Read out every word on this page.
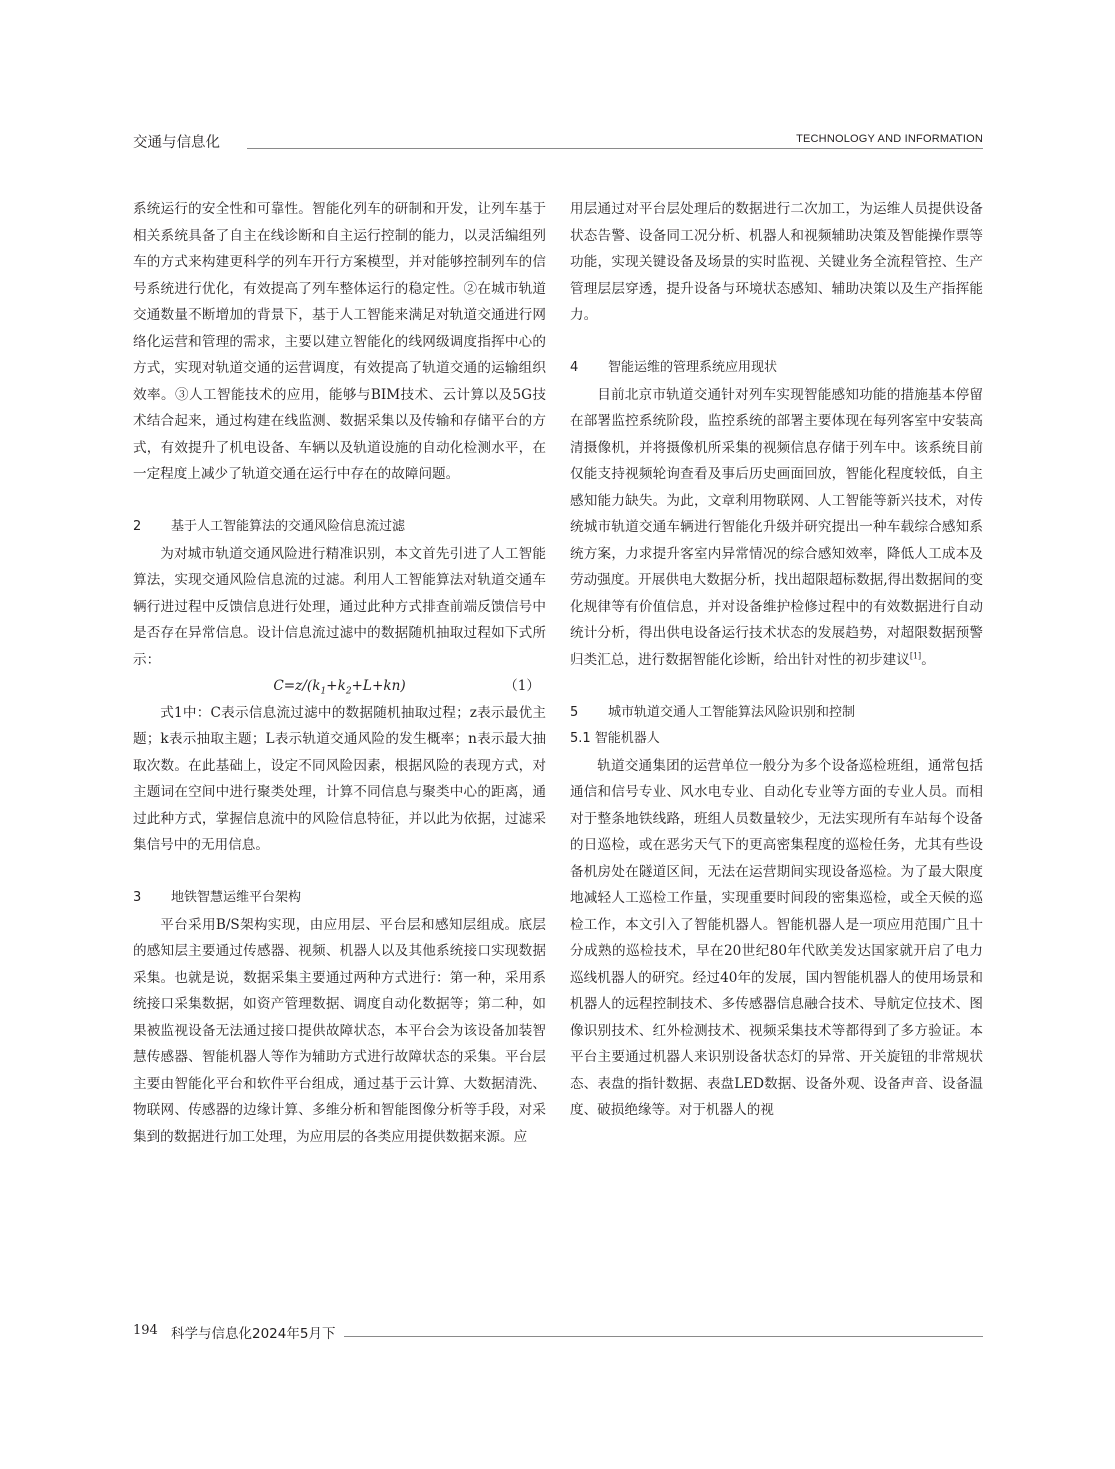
交通与信息化	TECHNOLOGY AND INFORMATION

系统运行的安全性和可靠性。智能化列车的研制和开发，让列车基于相关系统具备了自主在线诊断和自主运行控制的能力，以灵活编组列车的方式来构建更科学的列车开行方案模型，并对能够控制列车的信号系统进行优化，有效提高了列车整体运行的稳定性。②在城市轨道交通数量不断增加的背景下，基于人工智能来满足对轨道交通进行网络化运营和管理的需求，主要以建立智能化的线网级调度指挥中心的方式，实现对轨道交通的运营调度，有效提高了轨道交通的运输组织效率。③人工智能技术的应用，能够与BIM技术、云计算以及5G技术结合起来，通过构建在线监测、数据采集以及传输和存储平台的方式，有效提升了机电设备、车辆以及轨道设施的自动化检测水平，在一定程度上减少了轨道交通在运行中存在的故障问题。

2 基于人工智能算法的交通风险信息流过滤

为对城市轨道交通风险进行精准识别，本文首先引进了人工智能算法，实现交通风险信息流的过滤。利用人工智能算法对轨道交通车辆行进过程中反馈信息进行处理，通过此种方式排查前端反馈信号中是否存在异常信息。设计信息流过滤中的数据随机抽取过程如下式所示：

$C=z/(k_1+k_2+L+kn)$	（1）

式1中：C表示信息流过滤中的数据随机抽取过程；z表示最优主题；k表示抽取主题；L表示轨道交通风险的发生概率；n表示最大抽取次数。在此基础上，设定不同风险因素，根据风险的表现方式，对主题词在空间中进行聚类处理，计算不同信息与聚类中心的距离，通过此种方式，掌握信息流中的风险信息特征，并以此为依据，过滤采集信号中的无用信息。

3 地铁智慧运维平台架构

平台采用B/S架构实现，由应用层、平台层和感知层组成。底层的感知层主要通过传感器、视频、机器人以及其他系统接口实现数据采集。也就是说，数据采集主要通过两种方式进行：第一种，采用系统接口采集数据，如资产管理数据、调度自动化数据等；第二种，如果被监视设备无法通过接口提供故障状态，本平台会为该设备加装智慧传感器、智能机器人等作为辅助方式进行故障状态的采集。平台层主要由智能化平台和软件平台组成，通过基于云计算、大数据清洗、物联网、传感器的边缘计算、多维分析和智能图像分析等手段，对采集到的数据进行加工处理，为应用层的各类应用提供数据来源。应

用层通过对平台层处理后的数据进行二次加工，为运维人员提供设备状态告警、设备同工况分析、机器人和视频辅助决策及智能操作票等功能，实现关键设备及场景的实时监视、关键业务全流程管控、生产管理层层穿透，提升设备与环境状态感知、辅助决策以及生产指挥能力。

4 智能运维的管理系统应用现状

目前北京市轨道交通针对列车实现智能感知功能的措施基本停留在部署监控系统阶段，监控系统的部署主要体现在每列客室中安装高清摄像机，并将摄像机所采集的视频信息存储于列车中。该系统目前仅能支持视频轮询查看及事后历史画面回放，智能化程度较低，自主感知能力缺失。为此，文章利用物联网、人工智能等新兴技术，对传统城市轨道交通车辆进行智能化升级并研究提出一种车载综合感知系统方案，力求提升客室内异常情况的综合感知效率，降低人工成本及劳动强度。开展供电大数据分析，找出超限超标数据,得出数据间的变化规律等有价值信息，并对设备维护检修过程中的有效数据进行自动统计分析，得出供电设备运行技术状态的发展趋势，对超限数据预警归类汇总，进行数据智能化诊断，给出针对性的初步建议[1]。

5 城市轨道交通人工智能算法风险识别和控制

5.1 智能机器人

轨道交通集团的运营单位一般分为多个设备巡检班组，通常包括通信和信号专业、风水电专业、自动化专业等方面的专业人员。而相对于整条地铁线路，班组人员数量较少，无法实现所有车站每个设备的日巡检，或在恶劣天气下的更高密集程度的巡检任务，尤其有些设备机房处在隧道区间，无法在运营期间实现设备巡检。为了最大限度地减轻人工巡检工作量，实现重要时间段的密集巡检，或全天候的巡检工作，本文引入了智能机器人。智能机器人是一项应用范围广且十分成熟的巡检技术，早在20世纪80年代欧美发达国家就开启了电力巡线机器人的研究。经过40年的发展，国内智能机器人的使用场景和机器人的远程控制技术、多传感器信息融合技术、导航定位技术、图像识别技术、红外检测技术、视频采集技术等都得到了多方验证。本平台主要通过机器人来识别设备状态灯的异常、开关旋钮的非常规状态、表盘的指针数据、表盘LED数据、设备外观、设备声音、设备温度、破损绝缘等。对于机器人的视

194 科学与信息化2024年5月下
